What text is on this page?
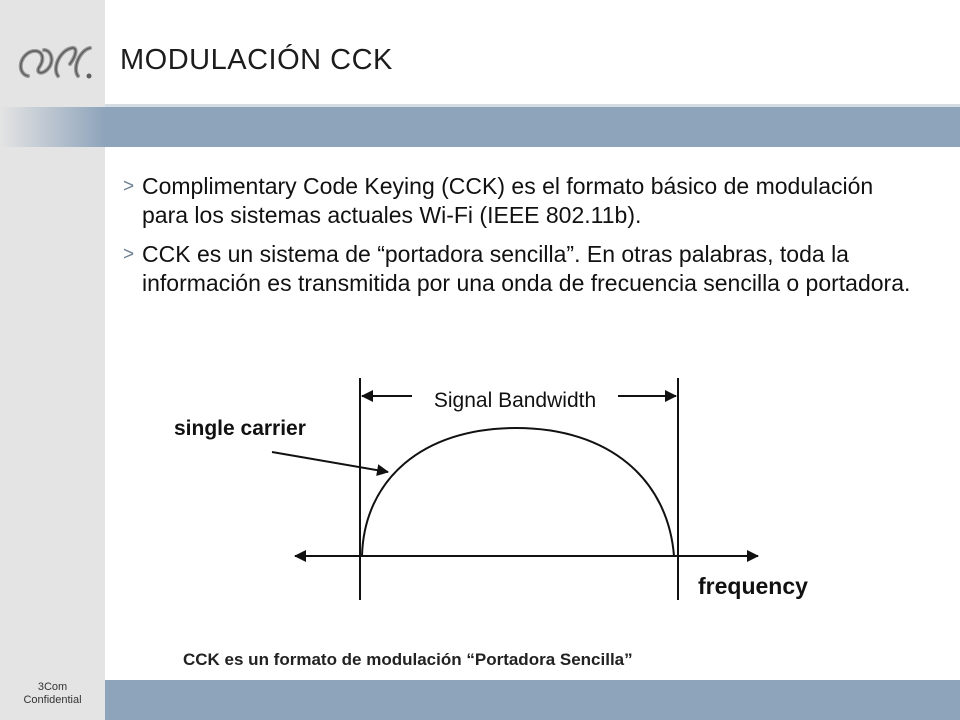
MODULACIÓN CCK
> Complimentary Code Keying (CCK) es el formato básico de modulación para los sistemas actuales Wi-Fi (IEEE 802.11b).
> CCK es un sistema de “portadora sencilla”. En otras palabras, toda la información es transmitida por una onda de frecuencia sencilla o portadora.
Signal Bandwidth
single carrier
frequency
CCK es un formato de modulación “Portadora Sencilla”
3Com
Confidential
